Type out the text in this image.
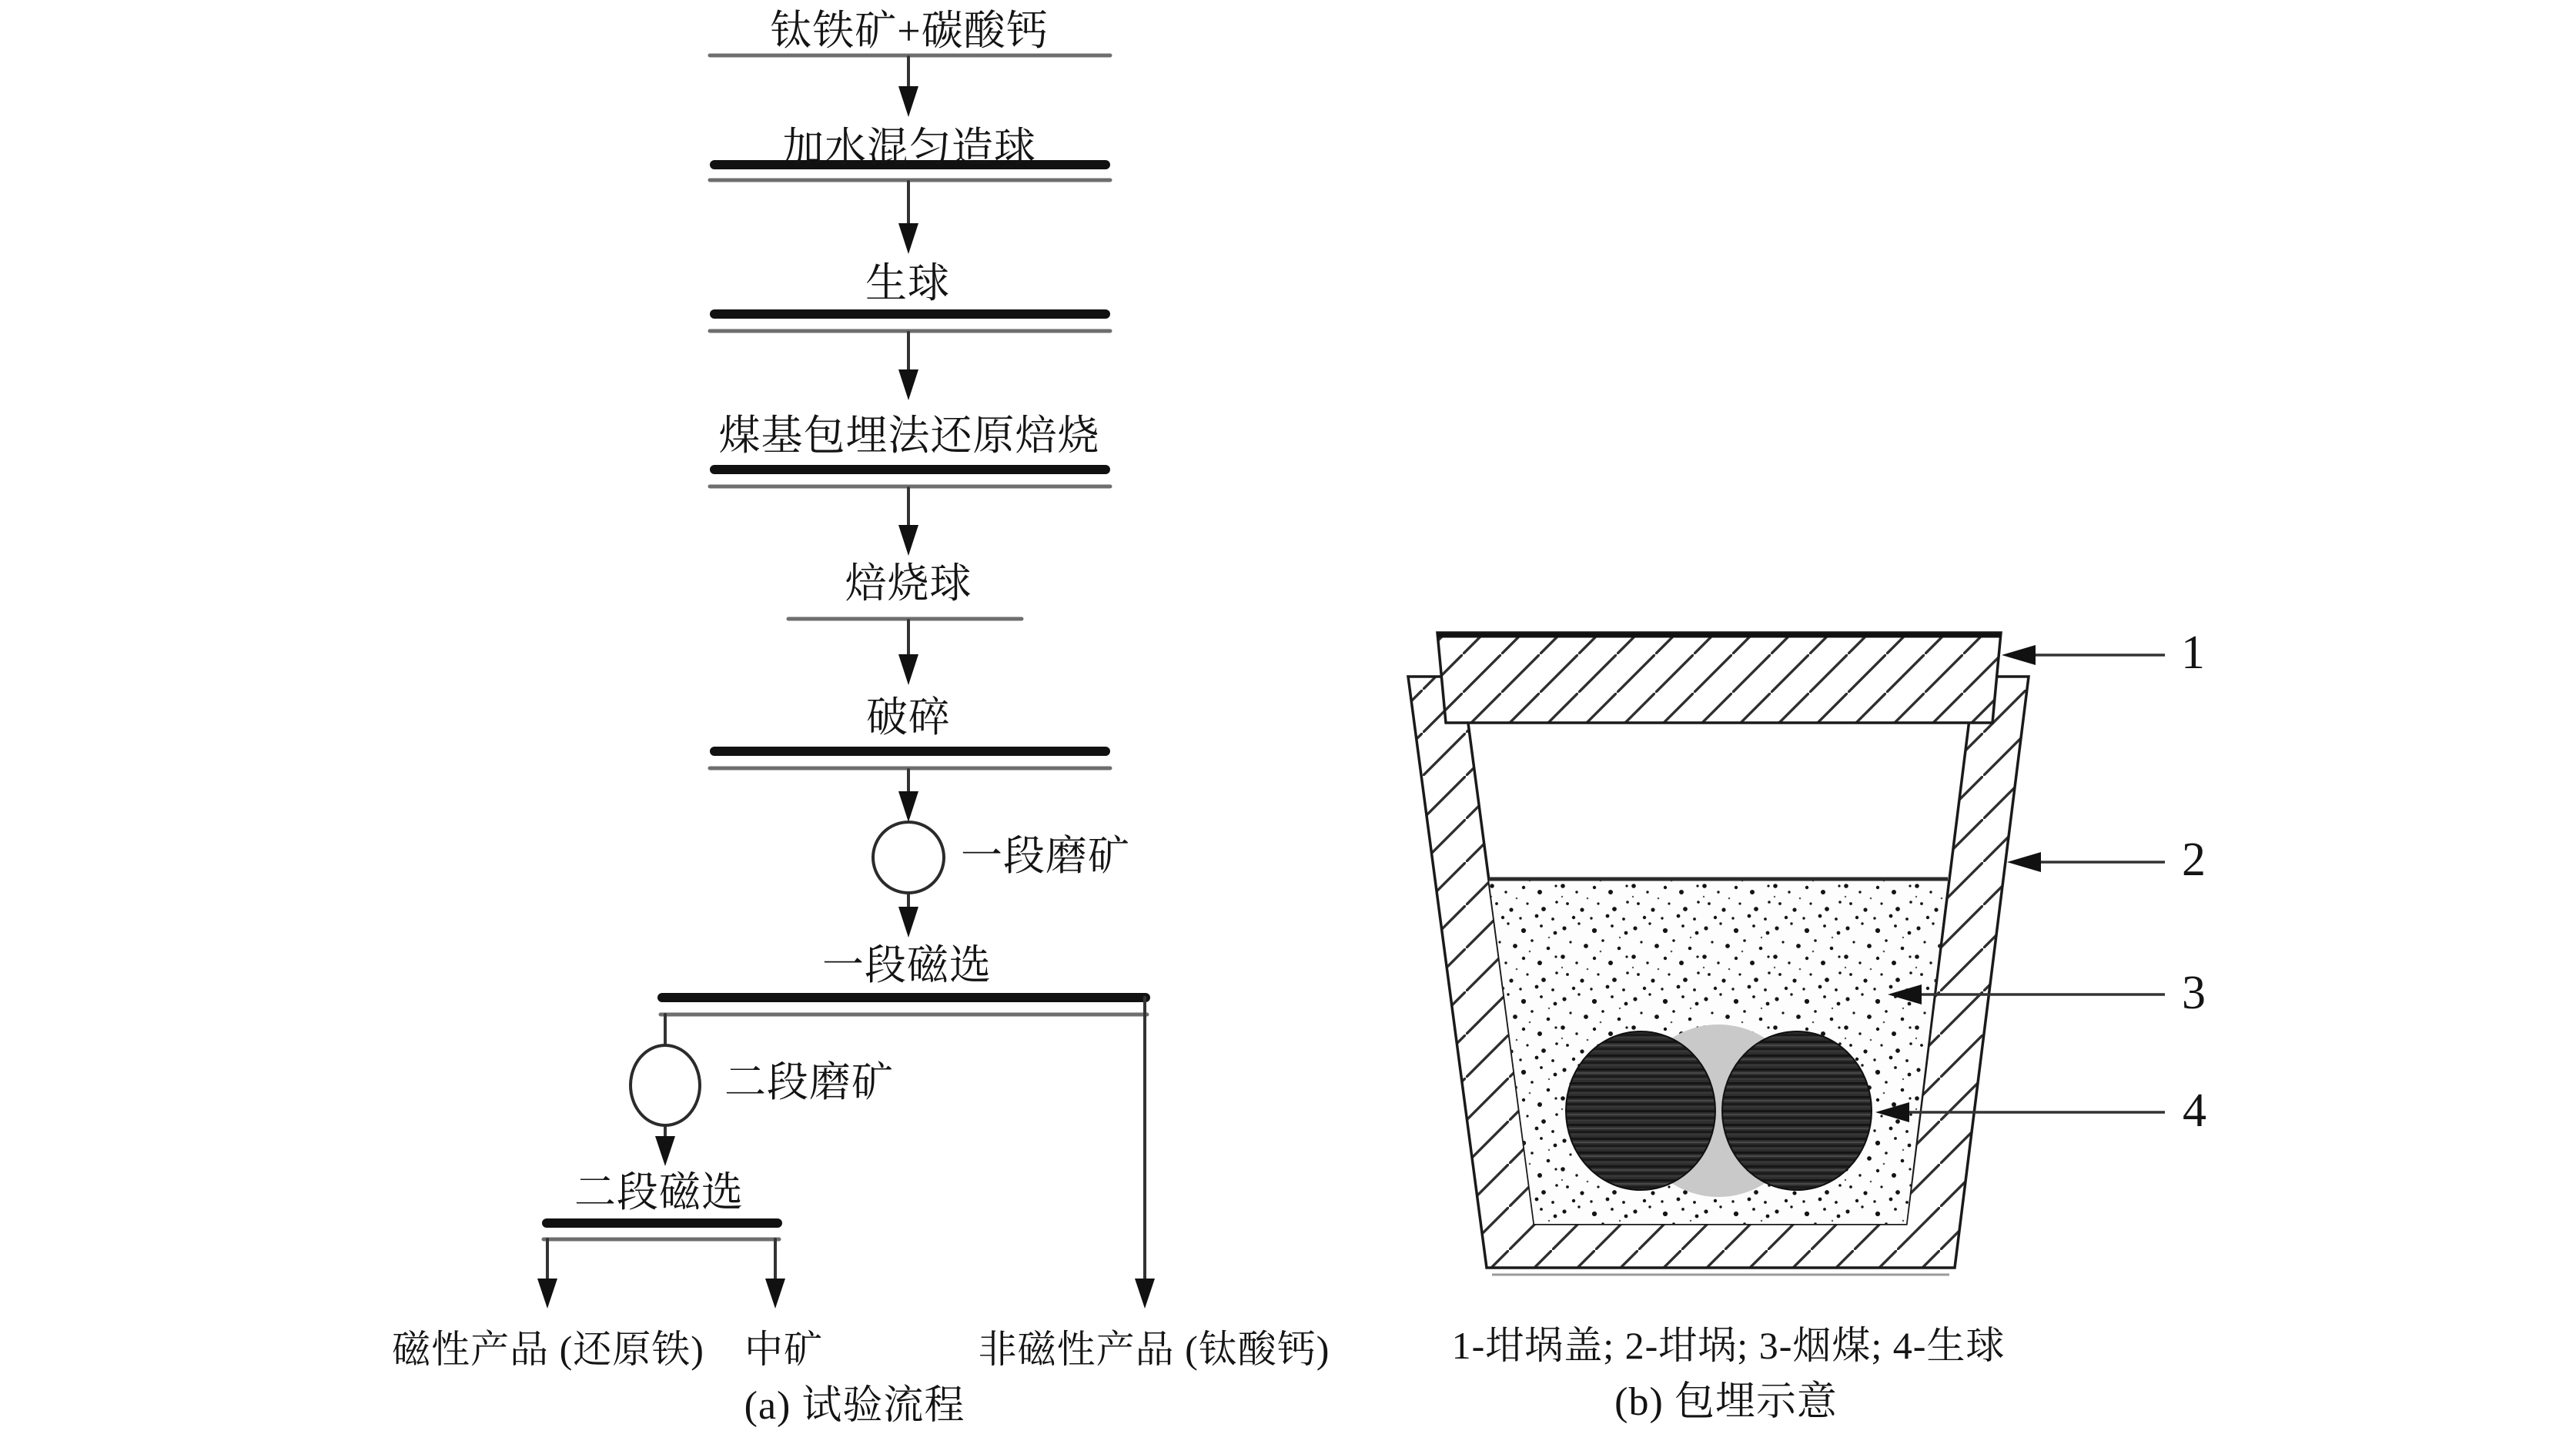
钛铁矿+碳酸钙
加水混匀造球
生球
煤基包埋法还原焙烧
焙烧球
破碎
一段磨矿
一段磁选
二段磨矿
二段磁选
磁性产品 (还原铁) 中矿	非磁性产品 (钛酸钙)
(a) 试验流程
1
2
3
4
1-坩埚盖; 2-坩埚; 3-烟煤; 4-生球
(b) 包埋示意
